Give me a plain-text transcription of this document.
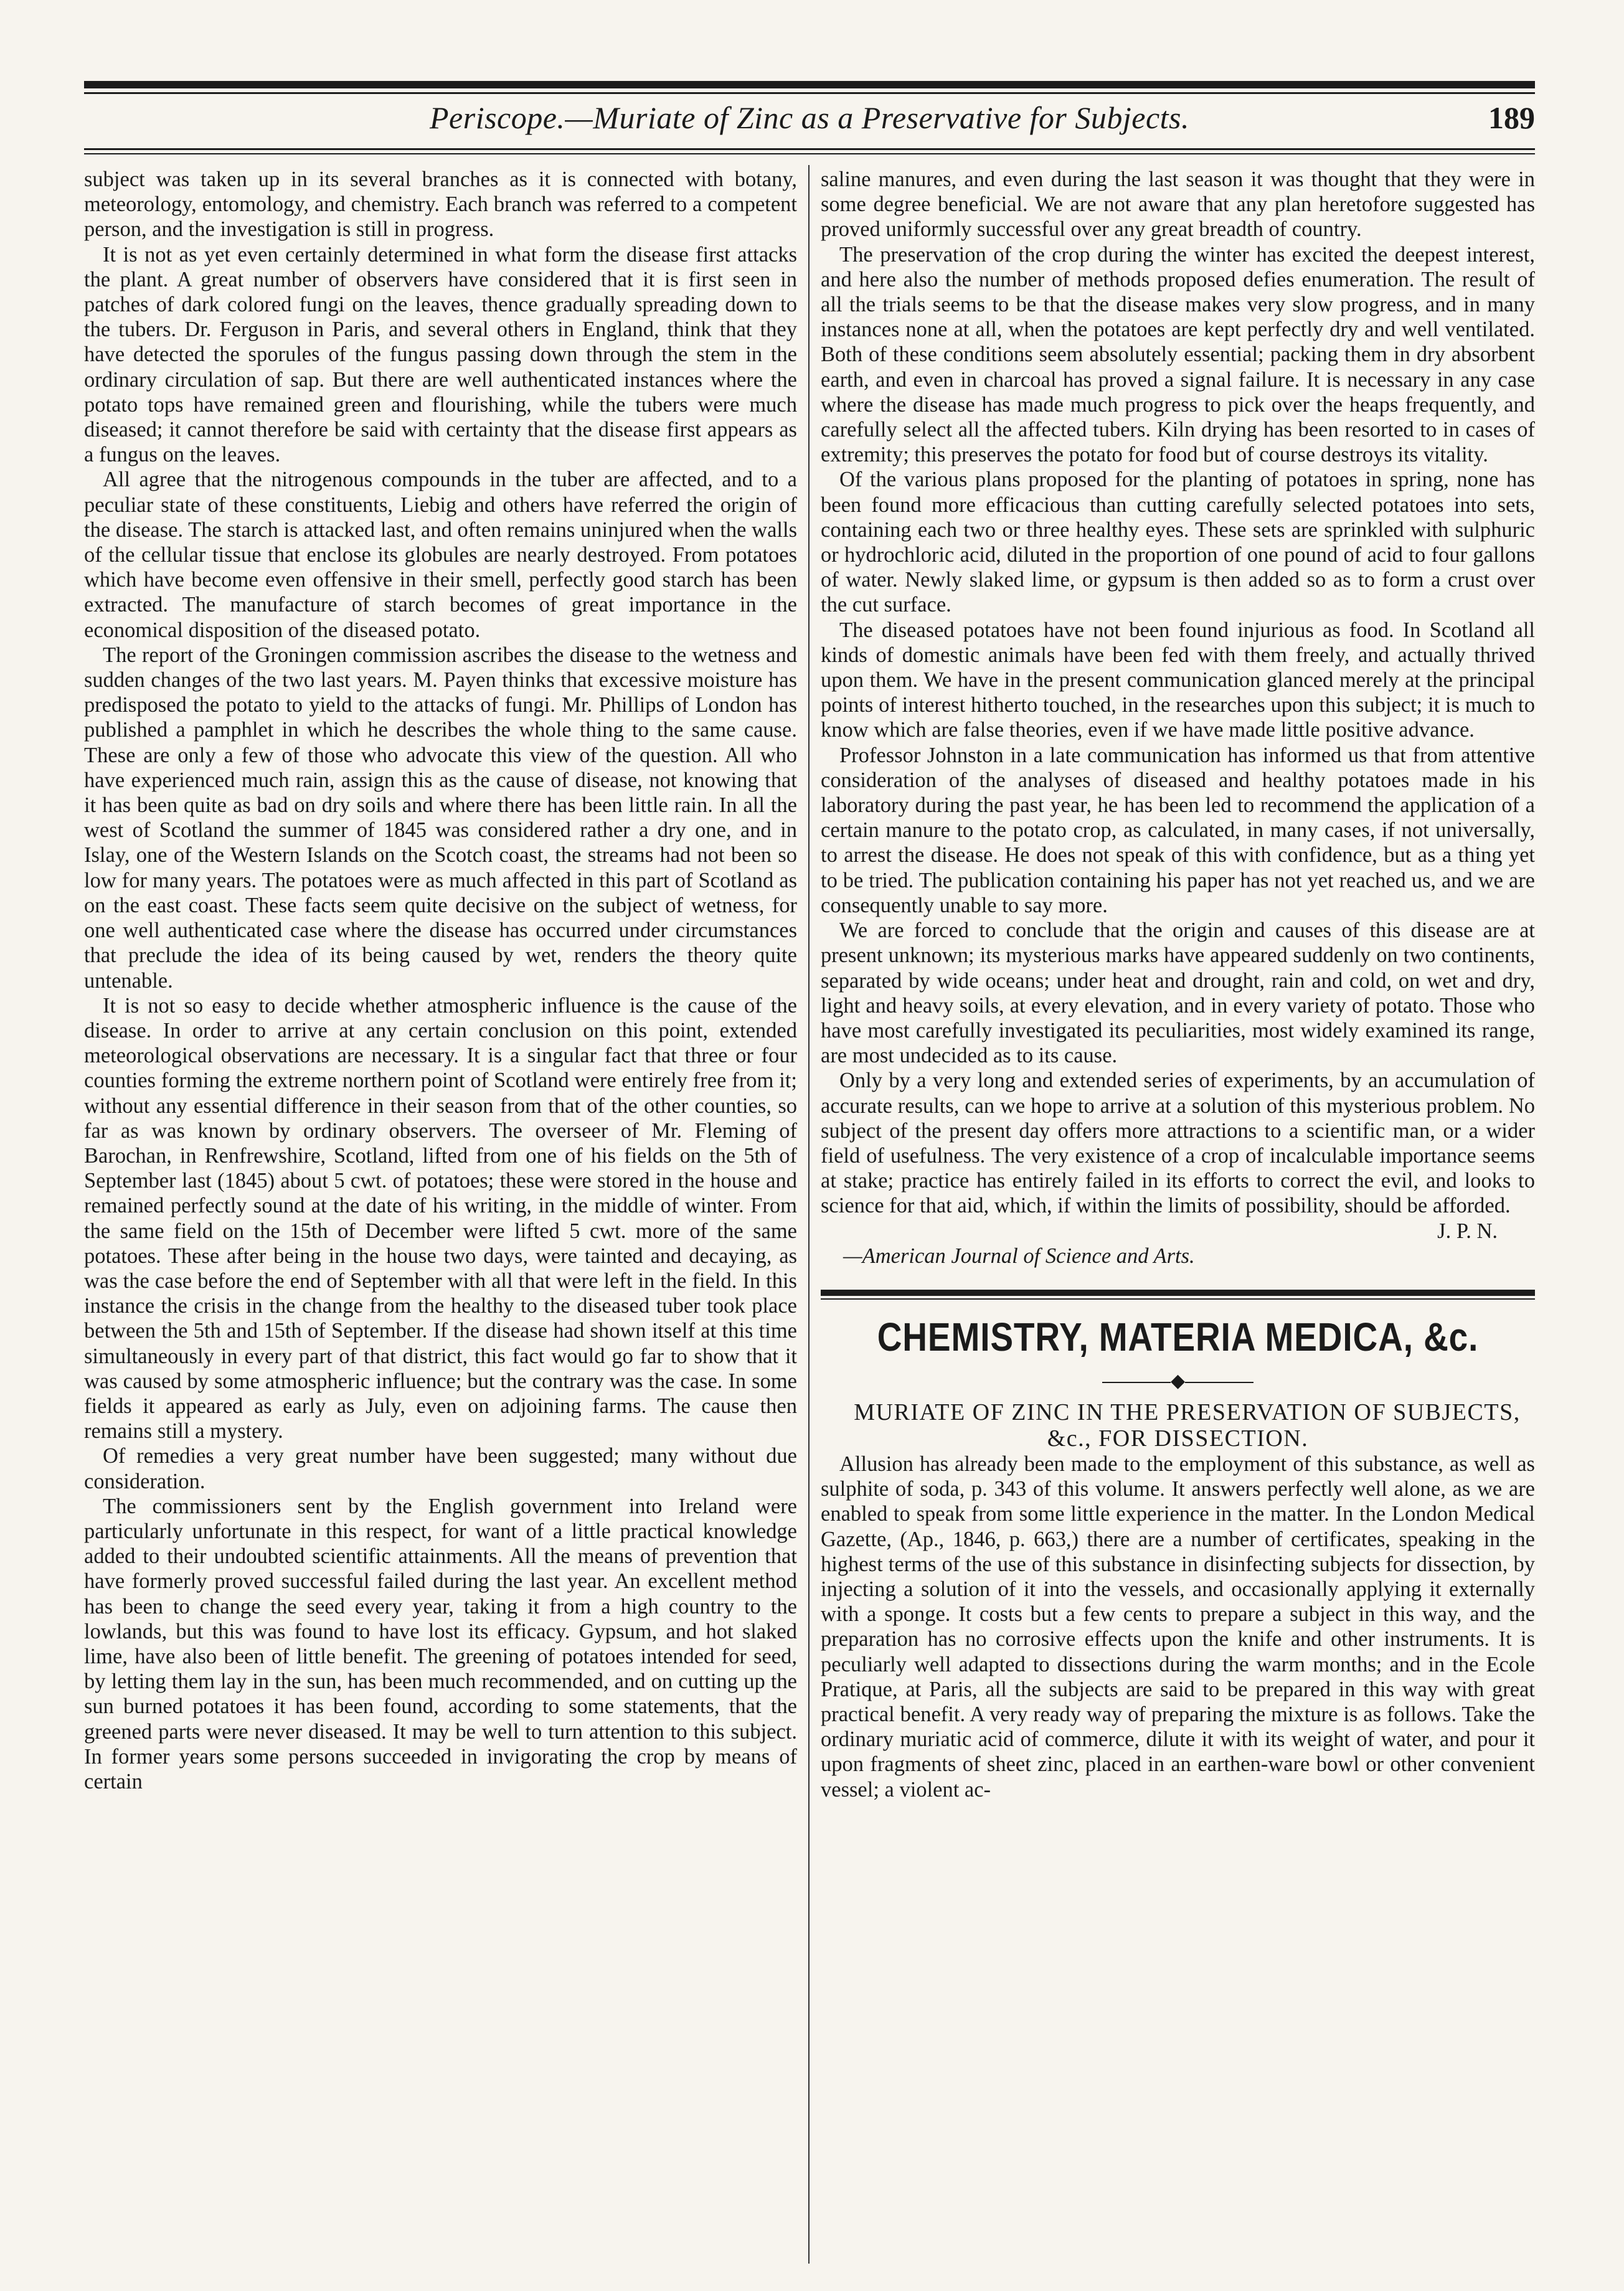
Periscope.—Muriate of Zinc as a Preservative for Subjects.	189

subject was taken up in its several branches as it is connected with botany, meteorology, entomology, and chemistry. Each branch was referred to a competent person, and the investigation is still in progress.

It is not as yet even certainly determined in what form the disease first attacks the plant. A great number of observers have considered that it is first seen in patches of dark colored fungi on the leaves, thence gradually spreading down to the tubers. Dr. Ferguson in Paris, and several others in England, think that they have detected the sporules of the fungus passing down through the stem in the ordinary circulation of sap. But there are well authenticated instances where the potato tops have remained green and flourishing, while the tubers were much diseased; it cannot therefore be said with certainty that the disease first appears as a fungus on the leaves.

All agree that the nitrogenous compounds in the tuber are affected, and to a peculiar state of these constituents, Liebig and others have referred the origin of the disease. The starch is attacked last, and often remains uninjured when the walls of the cellular tissue that enclose its globules are nearly destroyed. From potatoes which have become even offensive in their smell, perfectly good starch has been extracted. The manufacture of starch becomes of great importance in the economical disposition of the diseased potato.

The report of the Groningen commission ascribes the disease to the wetness and sudden changes of the two last years. M. Payen thinks that excessive moisture has predisposed the potato to yield to the attacks of fungi. Mr. Phillips of London has published a pamphlet in which he describes the whole thing to the same cause. These are only a few of those who advocate this view of the question. All who have experienced much rain, assign this as the cause of disease, not knowing that it has been quite as bad on dry soils and where there has been little rain. In all the west of Scotland the summer of 1845 was considered rather a dry one, and in Islay, one of the Western Islands on the Scotch coast, the streams had not been so low for many years. The potatoes were as much affected in this part of Scotland as on the east coast. These facts seem quite decisive on the subject of wetness, for one well authenticated case where the disease has occurred under circumstances that preclude the idea of its being caused by wet, renders the theory quite untenable.

It is not so easy to decide whether atmospheric influence is the cause of the disease. In order to arrive at any certain conclusion on this point, extended meteorological observations are necessary. It is a singular fact that three or four counties forming the extreme northern point of Scotland were entirely free from it; without any essential difference in their season from that of the other counties, so far as was known by ordinary observers. The overseer of Mr. Fleming of Barochan, in Renfrewshire, Scotland, lifted from one of his fields on the 5th of September last (1845) about 5 cwt. of potatoes; these were stored in the house and remained perfectly sound at the date of his writing, in the middle of winter. From the same field on the 15th of December were lifted 5 cwt. more of the same potatoes. These after being in the house two days, were tainted and decaying, as was the case before the end of September with all that were left in the field. In this instance the crisis in the change from the healthy to the diseased tuber took place between the 5th and 15th of September. If the disease had shown itself at this time simultaneously in every part of that district, this fact would go far to show that it was caused by some atmospheric influence; but the contrary was the case. In some fields it appeared as early as July, even on adjoining farms. The cause then remains still a mystery.

Of remedies a very great number have been suggested; many without due consideration.

The commissioners sent by the English government into Ireland were particularly unfortunate in this respect, for want of a little practical knowledge added to their undoubted scientific attainments. All the means of prevention that have formerly proved successful failed during the last year. An excellent method has been to change the seed every year, taking it from a high country to the lowlands, but this was found to have lost its efficacy. Gypsum, and hot slaked lime, have also been of little benefit. The greening of potatoes intended for seed, by letting them lay in the sun, has been much recommended, and on cutting up the sun burned potatoes it has been found, according to some statements, that the greened parts were never diseased. It may be well to turn attention to this subject. In former years some persons succeeded in invigorating the crop by means of certain

saline manures, and even during the last season it was thought that they were in some degree beneficial. We are not aware that any plan heretofore suggested has proved uniformly successful over any great breadth of country.

The preservation of the crop during the winter has excited the deepest interest, and here also the number of methods proposed defies enumeration. The result of all the trials seems to be that the disease makes very slow progress, and in many instances none at all, when the potatoes are kept perfectly dry and well ventilated. Both of these conditions seem absolutely essential; packing them in dry absorbent earth, and even in charcoal has proved a signal failure. It is necessary in any case where the disease has made much progress to pick over the heaps frequently, and carefully select all the affected tubers. Kiln drying has been resorted to in cases of extremity; this preserves the potato for food but of course destroys its vitality.

Of the various plans proposed for the planting of potatoes in spring, none has been found more efficacious than cutting carefully selected potatoes into sets, containing each two or three healthy eyes. These sets are sprinkled with sulphuric or hydrochloric acid, diluted in the proportion of one pound of acid to four gallons of water. Newly slaked lime, or gypsum is then added so as to form a crust over the cut surface.

The diseased potatoes have not been found injurious as food. In Scotland all kinds of domestic animals have been fed with them freely, and actually thrived upon them. We have in the present communication glanced merely at the principal points of interest hitherto touched, in the researches upon this subject; it is much to know which are false theories, even if we have made little positive advance.

Professor Johnston in a late communication has informed us that from attentive consideration of the analyses of diseased and healthy potatoes made in his laboratory during the past year, he has been led to recommend the application of a certain manure to the potato crop, as calculated, in many cases, if not universally, to arrest the disease. He does not speak of this with confidence, but as a thing yet to be tried. The publication containing his paper has not yet reached us, and we are consequently unable to say more.

We are forced to conclude that the origin and causes of this disease are at present unknown; its mysterious marks have appeared suddenly on two continents, separated by wide oceans; under heat and drought, rain and cold, on wet and dry, light and heavy soils, at every elevation, and in every variety of potato. Those who have most carefully investigated its peculiarities, most widely examined its range, are most undecided as to its cause.

Only by a very long and extended series of experiments, by an accumulation of accurate results, can we hope to arrive at a solution of this mysterious problem. No subject of the present day offers more attractions to a scientific man, or a wider field of usefulness. The very existence of a crop of incalculable importance seems at stake; practice has entirely failed in its efforts to correct the evil, and looks to science for that aid, which, if within the limits of possibility, should be afforded.

J. P. N.

—American Journal of Science and Arts.

CHEMISTRY, MATERIA MEDICA, &c.
◆

MURIATE OF ZINC IN THE PRESERVATION OF SUBJECTS, &c., FOR DISSECTION.

Allusion has already been made to the employment of this substance, as well as sulphite of soda, p. 343 of this volume. It answers perfectly well alone, as we are enabled to speak from some little experience in the matter. In the London Medical Gazette, (Ap., 1846, p. 663,) there are a number of certificates, speaking in the highest terms of the use of this substance in disinfecting subjects for dissection, by injecting a solution of it into the vessels, and occasionally applying it externally with a sponge. It costs but a few cents to prepare a subject in this way, and the preparation has no corrosive effects upon the knife and other instruments. It is peculiarly well adapted to dissections during the warm months; and in the Ecole Pratique, at Paris, all the subjects are said to be prepared in this way with great practical benefit. A very ready way of preparing the mixture is as follows. Take the ordinary muriatic acid of commerce, dilute it with its weight of water, and pour it upon fragments of sheet zinc, placed in an earthen-ware bowl or other convenient vessel; a violent ac-
